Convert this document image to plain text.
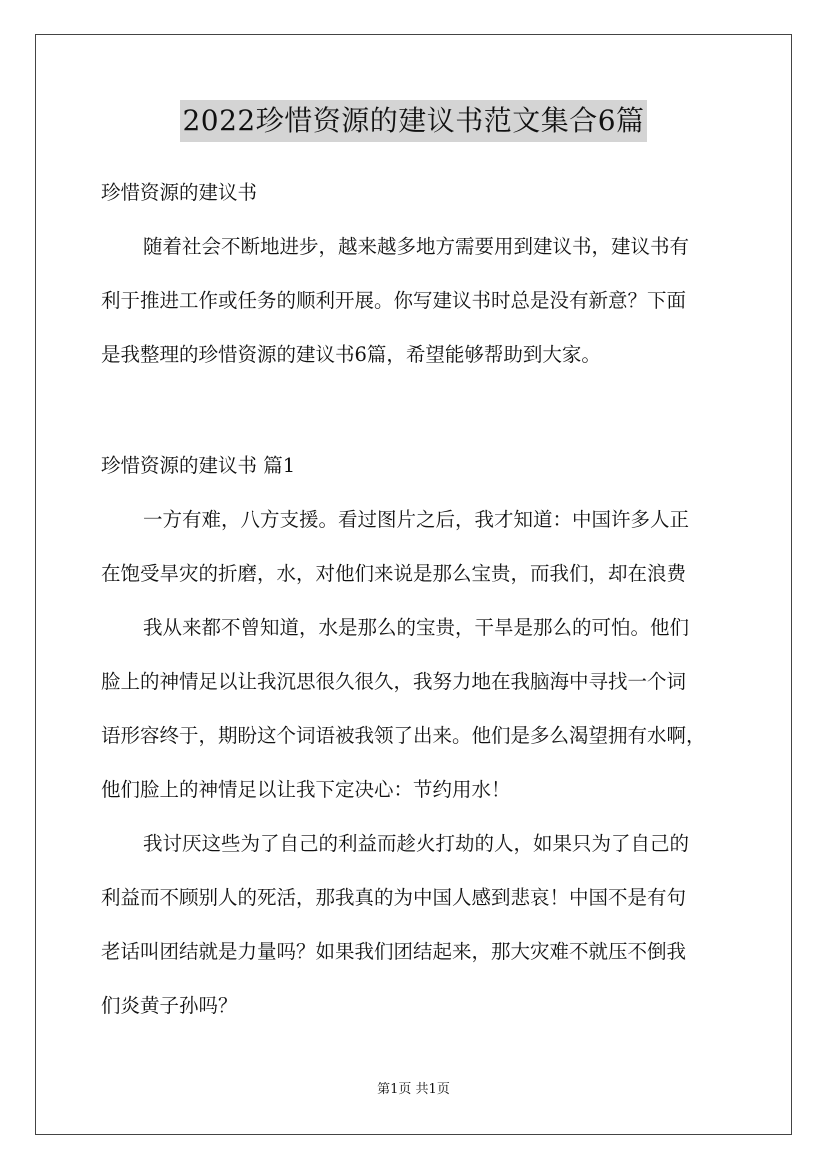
2022珍惜资源的建议书范文集合6篇
珍惜资源的建议书
随着社会不断地进步，越来越多地方需要用到建议书，建议书有
利于推进工作或任务的顺利开展。你写建议书时总是没有新意？下面
是我整理的珍惜资源的建议书6篇，希望能够帮助到大家。
珍惜资源的建议书 篇1
一方有难，八方支援。看过图片之后，我才知道：中国许多人正
在饱受旱灾的折磨，水，对他们来说是那么宝贵，而我们，却在浪费
我从来都不曾知道，水是那么的宝贵，干旱是那么的可怕。他们
脸上的神情足以让我沉思很久很久，我努力地在我脑海中寻找一个词
语形容终于，期盼这个词语被我领了出来。他们是多么渴望拥有水啊，
他们脸上的神情足以让我下定决心：节约用水！
我讨厌这些为了自己的利益而趁火打劫的人，如果只为了自己的
利益而不顾别人的死活，那我真的为中国人感到悲哀！中国不是有句
老话叫团结就是力量吗？如果我们团结起来，那大灾难不就压不倒我
们炎黄子孙吗？
第1页 共1页
